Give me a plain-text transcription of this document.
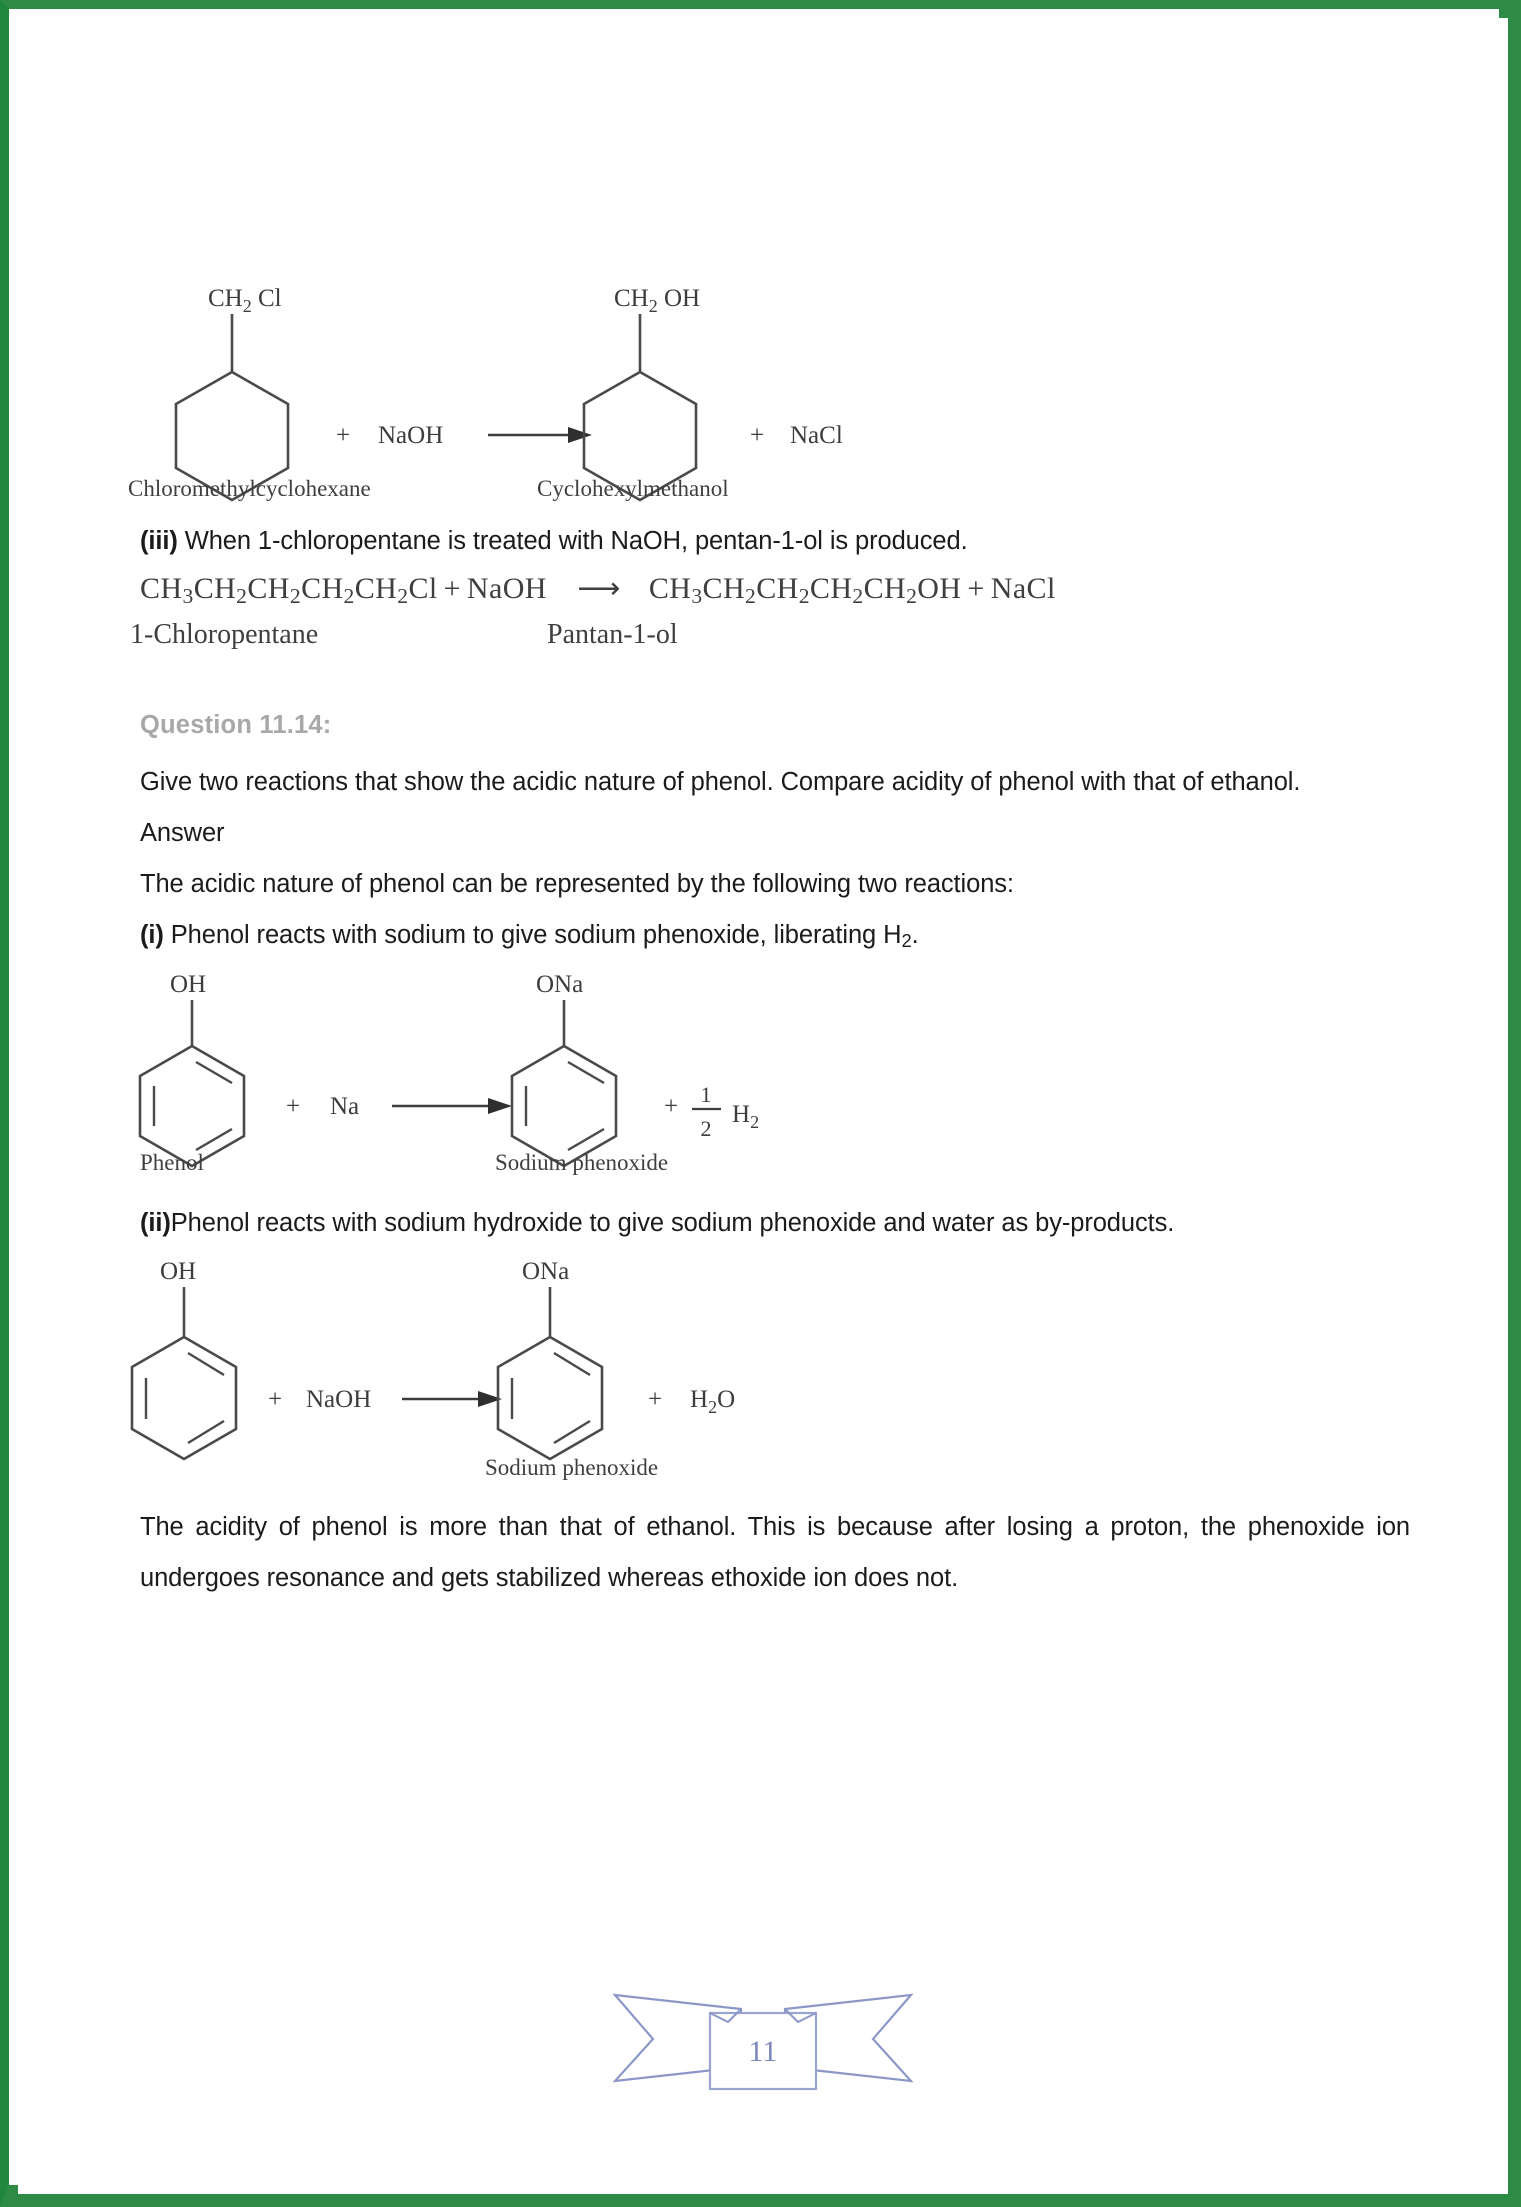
$CH_2$ Cl
+ NaOH
$CH_2$ OH
+ NaCl
Chloromethylcyclohexane	Cyclohexylmethanol

(iii) When 1-chloropentane is treated with NaOH, pentan-1-ol is produced.

$CH_3CH_2CH_2CH_2CH_2Cl$ + NaOH ⟶ $CH_3CH_2CH_2CH_2CH_2OH$ + NaCl
1-Chloropentane	Pantan-1-ol

Question 11.14:

Give two reactions that show the acidic nature of phenol. Compare acidity of phenol with that of ethanol.

Answer

The acidic nature of phenol can be represented by the following two reactions:

(i) Phenol reacts with sodium to give sodium phenoxide, liberating $H_2$.

OH
+ Na
ONa
+ 1
2
$H_2$
Phenol	Sodium phenoxide

(ii)Phenol reacts with sodium hydroxide to give sodium phenoxide and water as by-products.

OH
+ NaOH
ONa
+ $H_2O$
Sodium phenoxide

The acidity of phenol is more than that of ethanol. This is because after losing a proton, the phenoxide ion undergoes resonance and gets stabilized whereas ethoxide ion does not.

11
